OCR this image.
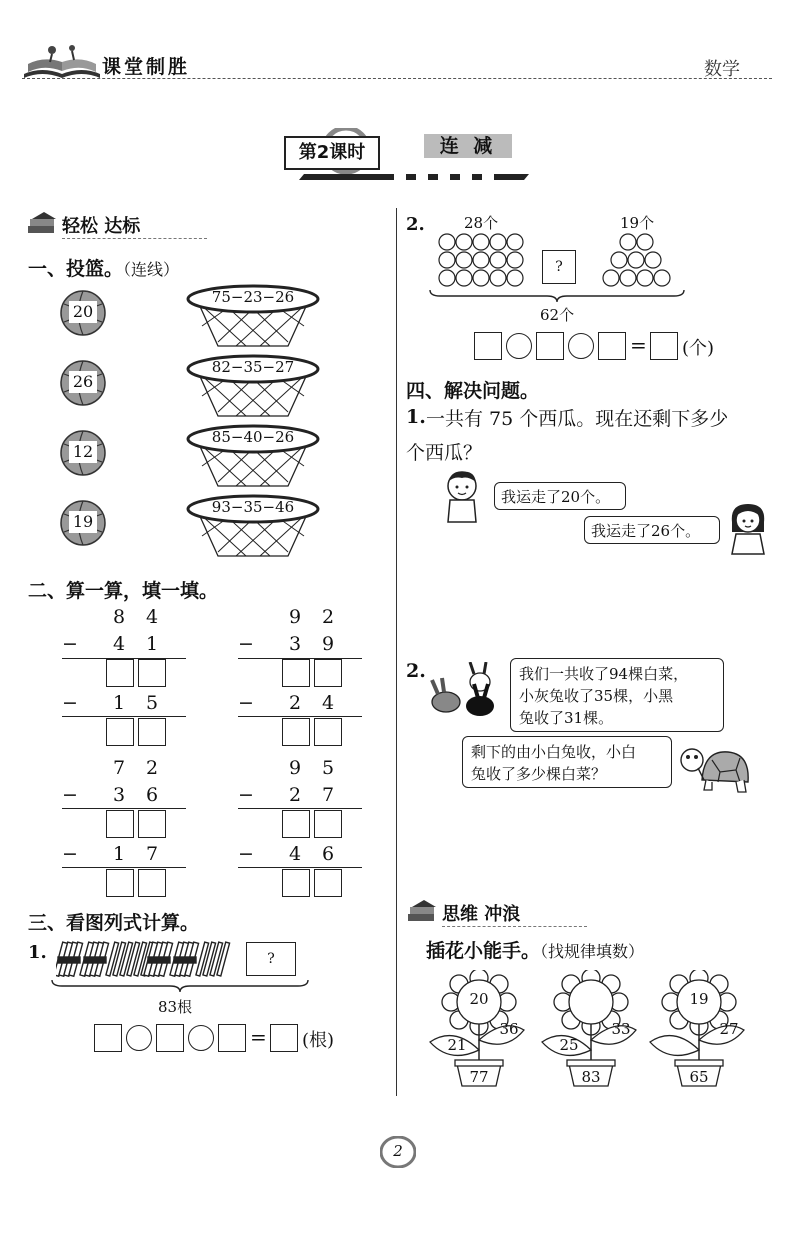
课堂制胜	数学
第2课时	连 减
轻松 达标
一、投篮。（连线）
20
26
12
19
75−23−26
82−35−27
85−40−26
93−35−46
二、算一算，填一填。
8 4
− 4 1
− 1 5
9 2
− 3 9
− 2 4
7 2
− 3 6
− 1 7
9 5
− 2 7
− 4 6
三、看图列式计算。
1.	?
83根
= (根)
2.	28个	19个
?
62个
= (个)
四、解决问题。
1. 一共有 75 个西瓜。现在还剩下多少
个西瓜？
我运走了20个。
我运走了26个。
2.	我们一共收了94棵白菜，
小灰兔收了35棵，小黑
兔收了31棵。
剩下的由小白兔收，小白
兔收了多少棵白菜？
思维 冲浪
插花小能手。（找规律填数）
20
21
36
77
25
33
83
19
27
65
2
